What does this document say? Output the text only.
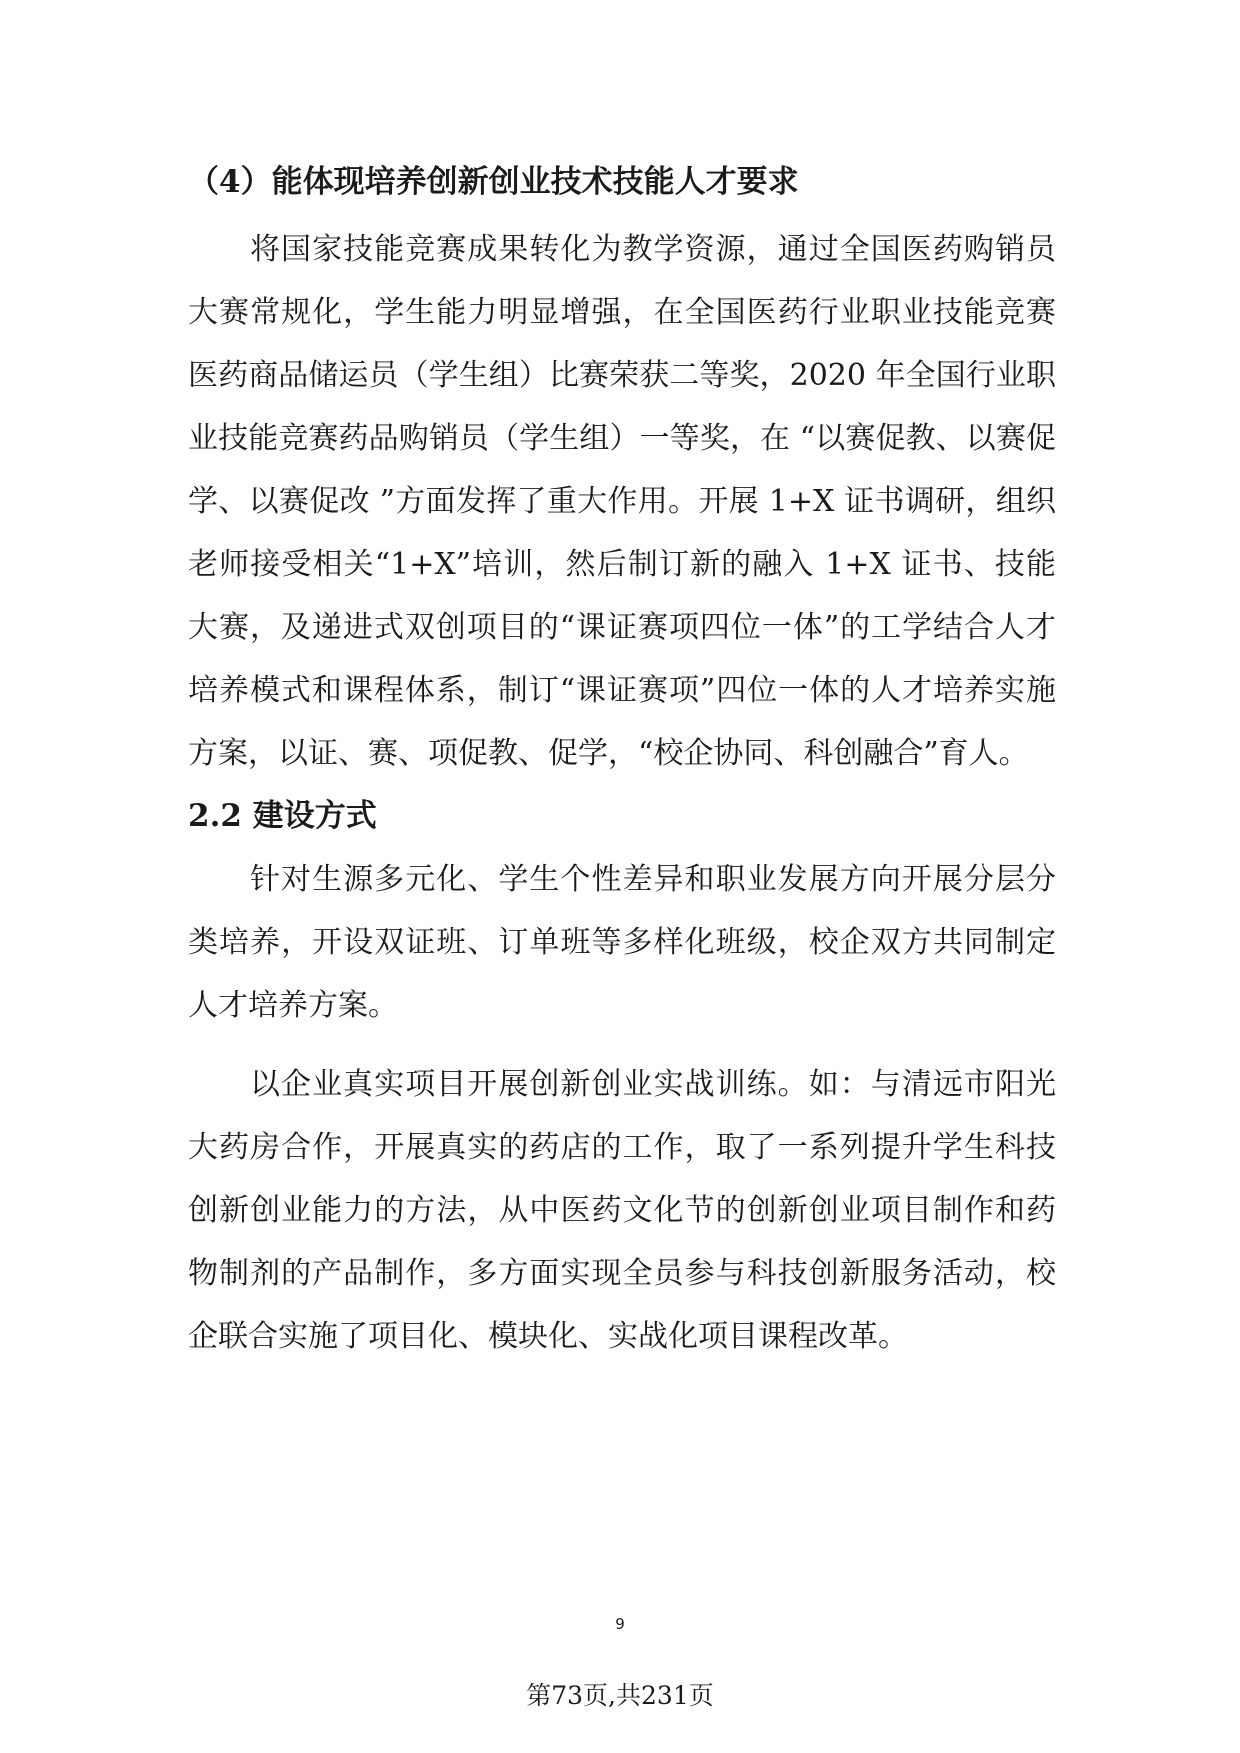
（4）能体现培养创新创业技术技能人才要求

将国家技能竞赛成果转化为教学资源，通过全国医药购销员大赛常规化，学生能力明显增强，在全国医药行业职业技能竞赛医药商品储运员（学生组）比赛荣获二等奖，2020 年全国行业职业技能竞赛药品购销员（学生组）一等奖，在 “以赛促教、以赛促学、以赛促改 ”方面发挥了重大作用。开展 1+X 证书调研，组织老师接受相关“1+X”培训，然后制订新的融入 1+X 证书、技能大赛，及递进式双创项目的“课证赛项四位一体”的工学结合人才培养模式和课程体系，制订“课证赛项”四位一体的人才培养实施方案，以证、赛、项促教、促学，“校企协同、科创融合”育人。

2.2 建设方式

针对生源多元化、学生个性差异和职业发展方向开展分层分类培养，开设双证班、订单班等多样化班级，校企双方共同制定人才培养方案。

以企业真实项目开展创新创业实战训练。如：与清远市阳光大药房合作，开展真实的药店的工作，取了一系列提升学生科技创新创业能力的方法，从中医药文化节的创新创业项目制作和药物制剂的产品制作，多方面实现全员参与科技创新服务活动，校企联合实施了项目化、模块化、实战化项目课程改革。

9
第73页,共231页
